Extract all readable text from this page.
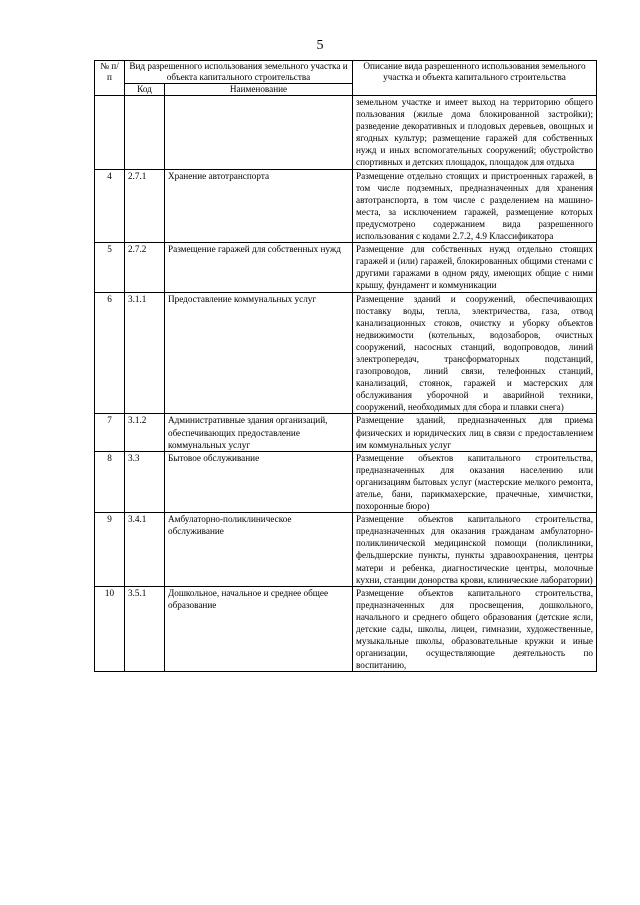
5
№ п/п	Вид разрешенного использования земельного участка и объекта капитального строительства		Описание вида разрешенного использования земельного участка и объекта капитального строительства
	Код	Наименование	
			земельном участке и имеет выход на территорию общего пользования (жилые дома блокированной застройки); разведение декоративных и плодовых деревьев, овощных и ягодных культур; размещение гаражей для собственных нужд и иных вспомогательных сооружений; обустройство спортивных и детских площадок, площадок для отдыха
4	2.7.1	Хранение автотранспорта	Размещение отдельно стоящих и пристроенных гаражей, в том числе подземных, предназначенных для хранения автотранспорта, в том числе с разделением на машино-места, за исключением гаражей, размещение которых предусмотрено содержанием вида разрешенного использования с кодами 2.7.2, 4.9 Классификатора
5	2.7.2	Размещение гаражей для собственных нужд	Размещение для собственных нужд отдельно стоящих гаражей и (или) гаражей, блокированных общими стенами с другими гаражами в одном ряду, имеющих общие с ними крышу, фундамент и коммуникации
6	3.1.1	Предоставление коммунальных услуг	Размещение зданий и сооружений, обеспечивающих поставку воды, тепла, электричества, газа, отвод канализационных стоков, очистку и уборку объектов недвижимости (котельных, водозаборов, очистных сооружений, насосных станций, водопроводов, линий электропередач, трансформаторных подстанций, газопроводов, линий связи, телефонных станций, канализаций, стоянок, гаражей и мастерских для обслуживания уборочной и аварийной техники, сооружений, необходимых для сбора и плавки снега)
7	3.1.2	Административные здания организаций, обеспечивающих предоставление коммунальных услуг	Размещение зданий, предназначенных для приема физических и юридических лиц в связи с предоставлением им коммунальных услуг
8	3.3	Бытовое обслуживание	Размещение объектов капитального строительства, предназначенных для оказания населению или организациям бытовых услуг (мастерские мелкого ремонта, ателье, бани, парикмахерские, прачечные, химчистки, похоронные бюро)
9	3.4.1	Амбулаторно-поликлиническое обслуживание	Размещение объектов капитального строительства, предназначенных для оказания гражданам амбулаторно-поликлинической медицинской помощи (поликлиники, фельдшерские пункты, пункты здравоохранения, центры матери и ребенка, диагностические центры, молочные кухни, станции донорства крови, клинические лаборатории)
10	3.5.1	Дошкольное, начальное и среднее общее образование	Размещение объектов капитального строительства, предназначенных для просвещения, дошкольного, начального и среднего общего образования (детские ясли, детские сады, школы, лицеи, гимназии, художественные, музыкальные школы, образовательные кружки и иные организации, осуществляющие деятельность по воспитанию,
